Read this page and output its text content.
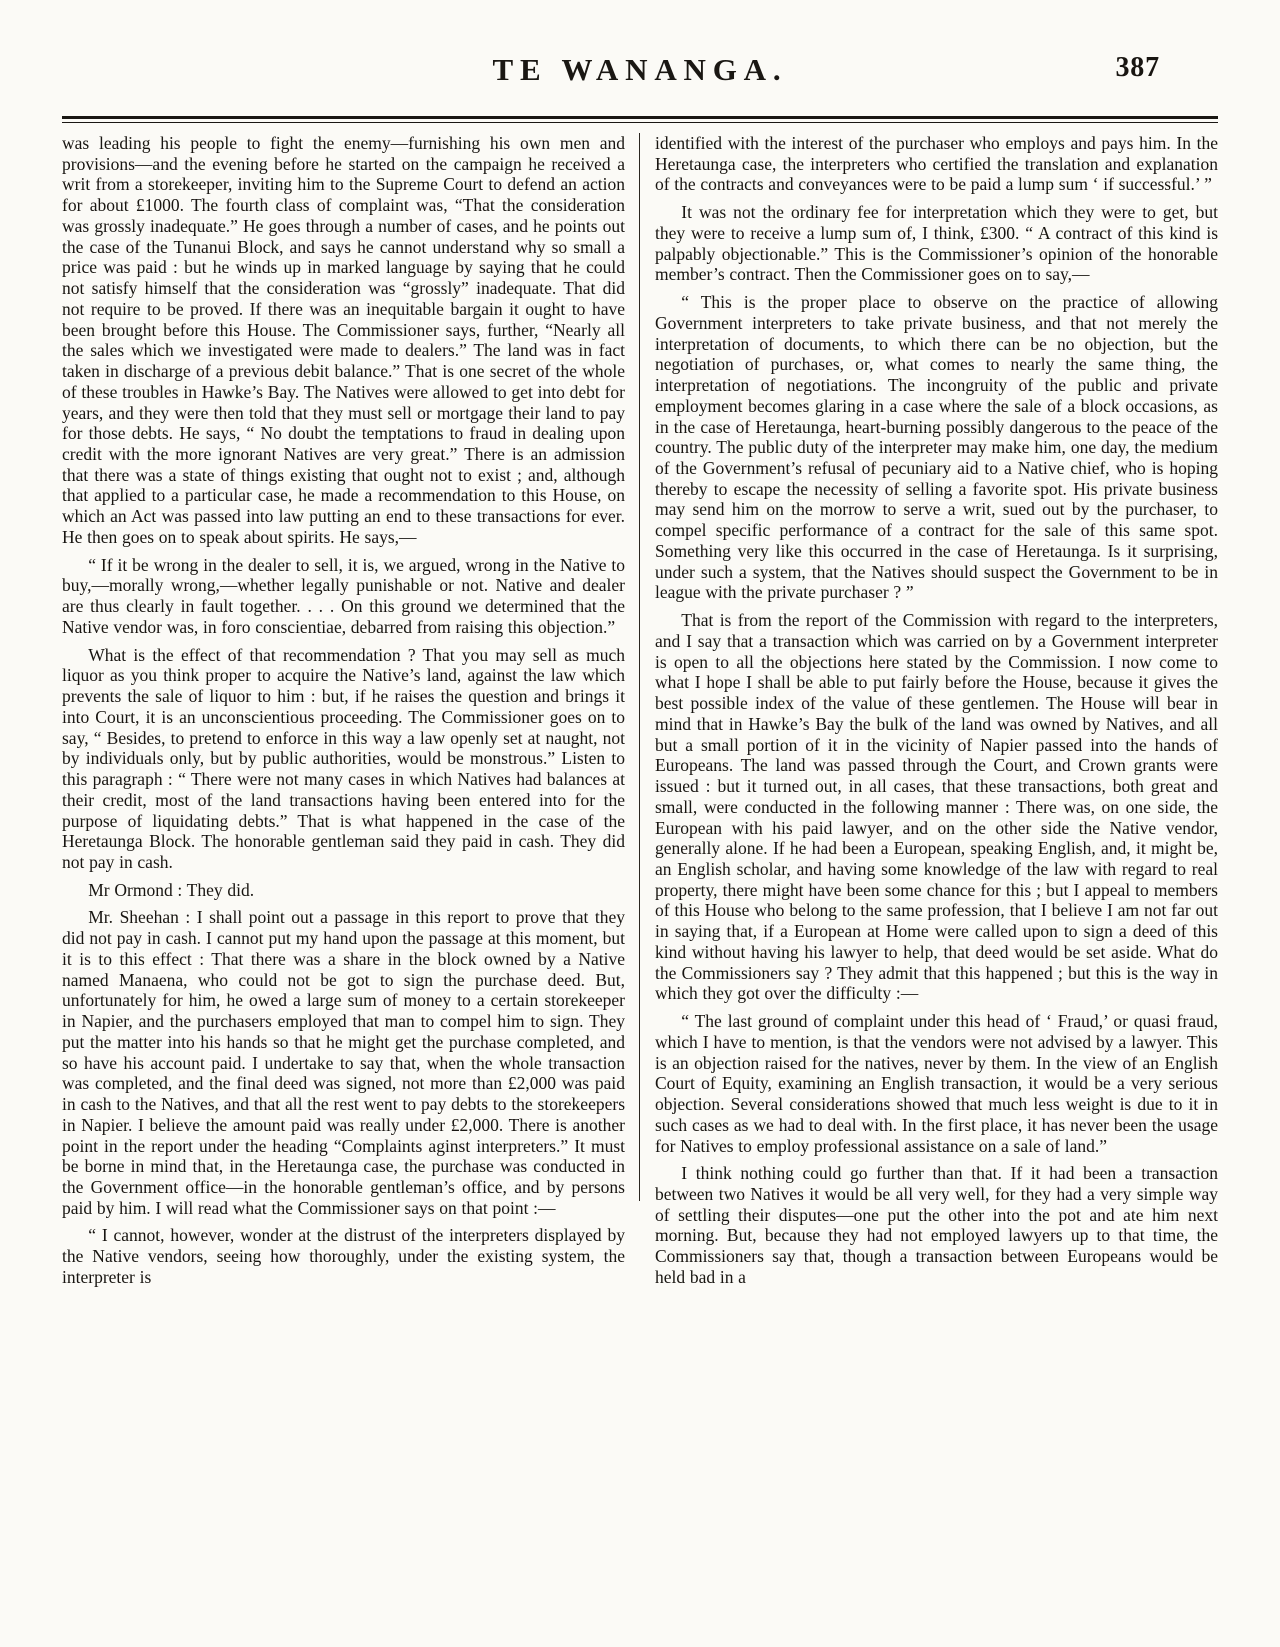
TE WANANGA.	387

was leading his people to fight the enemy—furnishing his own men and provisions—and the evening before he started on the campaign he received a writ from a storekeeper, inviting him to the Supreme Court to defend an action for about £1000. The fourth class of complaint was, “That the consideration was grossly inadequate.” He goes through a number of cases, and he points out the case of the Tunanui Block, and says he cannot understand why so small a price was paid : but he winds up in marked language by saying that he could not satisfy himself that the consideration was “grossly” inadequate. That did not require to be proved. If there was an inequitable bargain it ought to have been brought before this House. The Commissioner says, further, “Nearly all the sales which we investigated were made to dealers.” The land was in fact taken in discharge of a previous debit balance.” That is one secret of the whole of these troubles in Hawke’s Bay. The Natives were allowed to get into debt for years, and they were then told that they must sell or mortgage their land to pay for those debts. He says, “ No doubt the temptations to fraud in dealing upon credit with the more ignorant Natives are very great.” There is an admission that there was a state of things existing that ought not to exist ; and, although that applied to a particular case, he made a recommendation to this House, on which an Act was passed into law putting an end to these transactions for ever. He then goes on to speak about spirits. He says,—

“ If it be wrong in the dealer to sell, it is, we argued, wrong in the Native to buy,—morally wrong,—whether legally punishable or not. Native and dealer are thus clearly in fault together. . . . On this ground we determined that the Native vendor was, in foro conscientiae, debarred from raising this objection.”

What is the effect of that recommendation ? That you may sell as much liquor as you think proper to acquire the Native’s land, against the law which prevents the sale of liquor to him : but, if he raises the question and brings it into Court, it is an unconscientious proceeding. The Commissioner goes on to say, “ Besides, to pretend to enforce in this way a law openly set at naught, not by individuals only, but by public authorities, would be monstrous.” Listen to this paragraph : “ There were not many cases in which Natives had balances at their credit, most of the land transactions having been entered into for the purpose of liquidating debts.” That is what happened in the case of the Heretaunga Block. The honorable gentleman said they paid in cash. They did not pay in cash.

Mr Ormond : They did.

Mr. Sheehan : I shall point out a passage in this report to prove that they did not pay in cash. I cannot put my hand upon the passage at this moment, but it is to this effect : That there was a share in the block owned by a Native named Manaena, who could not be got to sign the purchase deed. But, unfortunately for him, he owed a large sum of money to a certain storekeeper in Napier, and the purchasers employed that man to compel him to sign. They put the matter into his hands so that he might get the purchase completed, and so have his account paid. I undertake to say that, when the whole transaction was completed, and the final deed was signed, not more than £2,000 was paid in cash to the Natives, and that all the rest went to pay debts to the storekeepers in Napier. I believe the amount paid was really under £2,000. There is another point in the report under the heading “Complaints aginst interpreters.” It must be borne in mind that, in the Heretaunga case, the purchase was conducted in the Government office—in the honorable gentleman’s office, and by persons paid by him. I will read what the Commissioner says on that point :—

“ I cannot, however, wonder at the distrust of the interpreters displayed by the Native vendors, seeing how thoroughly, under the existing system, the interpreter is

identified with the interest of the purchaser who employs and pays him. In the Heretaunga case, the interpreters who certified the translation and explanation of the contracts and conveyances were to be paid a lump sum ‘ if successful.’ ”

It was not the ordinary fee for interpretation which they were to get, but they were to receive a lump sum of, I think, £300. “ A contract of this kind is palpably objectionable.” This is the Commissioner’s opinion of the honorable member’s contract. Then the Commissioner goes on to say,—

“ This is the proper place to observe on the practice of allowing Government interpreters to take private business, and that not merely the interpretation of documents, to which there can be no objection, but the negotiation of purchases, or, what comes to nearly the same thing, the interpretation of negotiations. The incongruity of the public and private employment becomes glaring in a case where the sale of a block occasions, as in the case of Heretaunga, heart-burning possibly dangerous to the peace of the country. The public duty of the interpreter may make him, one day, the medium of the Government’s refusal of pecuniary aid to a Native chief, who is hoping thereby to escape the necessity of selling a favorite spot. His private business may send him on the morrow to serve a writ, sued out by the purchaser, to compel specific performance of a contract for the sale of this same spot. Something very like this occurred in the case of Heretaunga. Is it surprising, under such a system, that the Natives should suspect the Government to be in league with the private purchaser ? ”

That is from the report of the Commission with regard to the interpreters, and I say that a transaction which was carried on by a Government interpreter is open to all the objections here stated by the Commission. I now come to what I hope I shall be able to put fairly before the House, because it gives the best possible index of the value of these gentlemen. The House will bear in mind that in Hawke’s Bay the bulk of the land was owned by Natives, and all but a small portion of it in the vicinity of Napier passed into the hands of Europeans. The land was passed through the Court, and Crown grants were issued : but it turned out, in all cases, that these transactions, both great and small, were conducted in the following manner : There was, on one side, the European with his paid lawyer, and on the other side the Native vendor, generally alone. If he had been a European, speaking English, and, it might be, an English scholar, and having some knowledge of the law with regard to real property, there might have been some chance for this ; but I appeal to members of this House who belong to the same profession, that I believe I am not far out in saying that, if a European at Home were called upon to sign a deed of this kind without having his lawyer to help, that deed would be set aside. What do the Commissioners say ? They admit that this happened ; but this is the way in which they got over the difficulty :—

“ The last ground of complaint under this head of ‘ Fraud,’ or quasi fraud, which I have to mention, is that the vendors were not advised by a lawyer. This is an objection raised for the natives, never by them. In the view of an English Court of Equity, examining an English transaction, it would be a very serious objection. Several considerations showed that much less weight is due to it in such cases as we had to deal with. In the first place, it has never been the usage for Natives to employ professional assistance on a sale of land.”

I think nothing could go further than that. If it had been a transaction between two Natives it would be all very well, for they had a very simple way of settling their disputes—one put the other into the pot and ate him next morning. But, because they had not employed lawyers up to that time, the Commissioners say that, though a transaction between Europeans would be held bad in a
